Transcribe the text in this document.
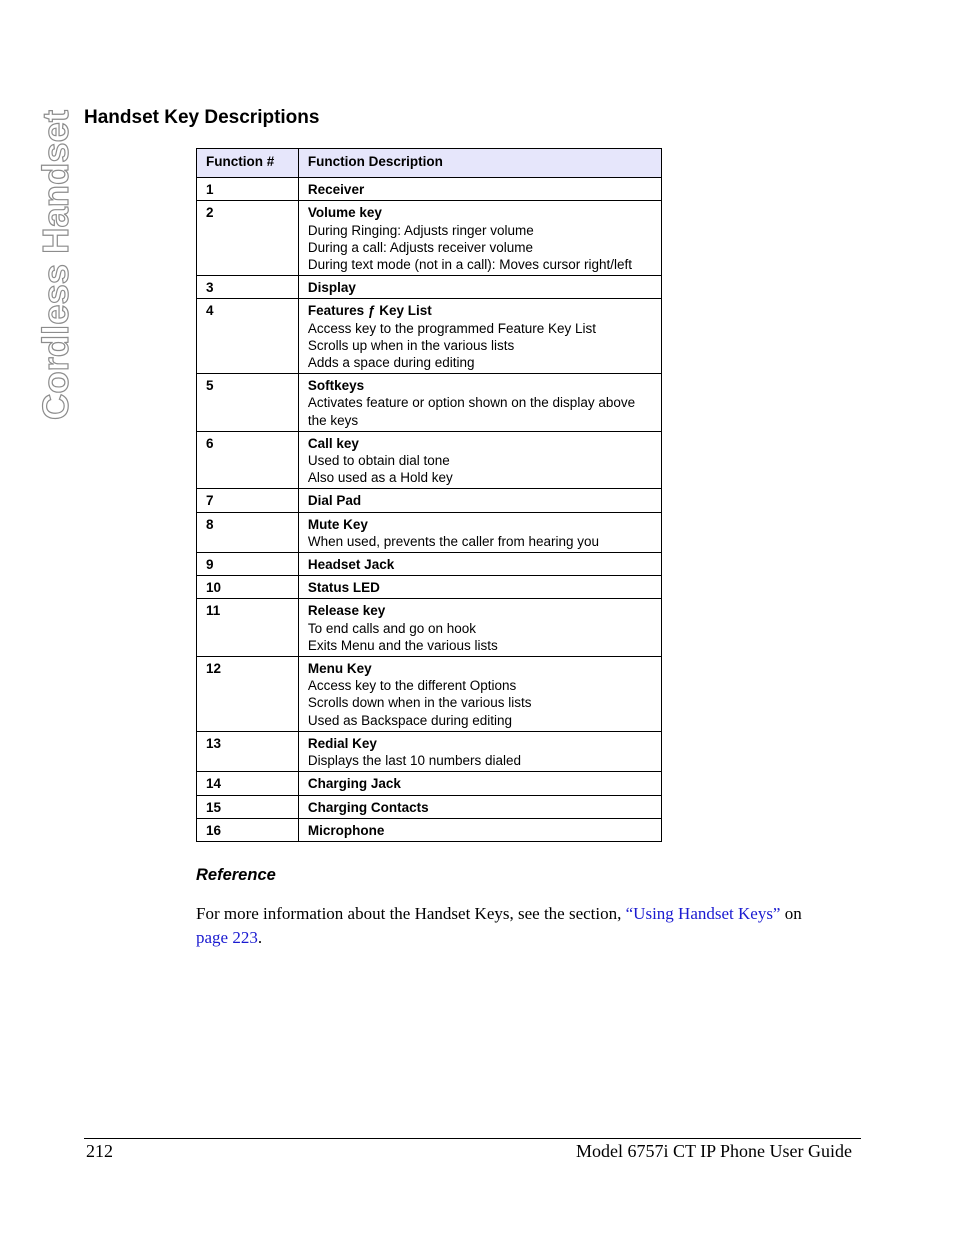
Cordless Handset Handset Key Descriptions
Function #	Function Description
1	Receiver

2	Volume key
During Ringing: Adjusts ringer volume
During a call: Adjusts receiver volume
During text mode (not in a call): Moves cursor right/left

3	Display

4	Features ƒ Key List
Access key to the programmed Feature Key List
Scrolls up when in the various lists
Adds a space during editing

5	Softkeys
Activates feature or option shown on the display above the keys

6	Call key
Used to obtain dial tone
Also used as a Hold key

7	Dial Pad

8	Mute Key
When used, prevents the caller from hearing you

9	Headset Jack

10	Status LED

11	Release key
To end calls and go on hook
Exits Menu and the various lists

12	Menu Key
Access key to the different Options
Scrolls down when in the various lists
Used as Backspace during editing

13	Redial Key
Displays the last 10 numbers dialed

14	Charging Jack

15	Charging Contacts

16	Microphone
Reference

For more information about the Handset Keys, see the section, “Using Handset Keys” on page 223.

212	Model 6757i CT IP Phone User Guide
